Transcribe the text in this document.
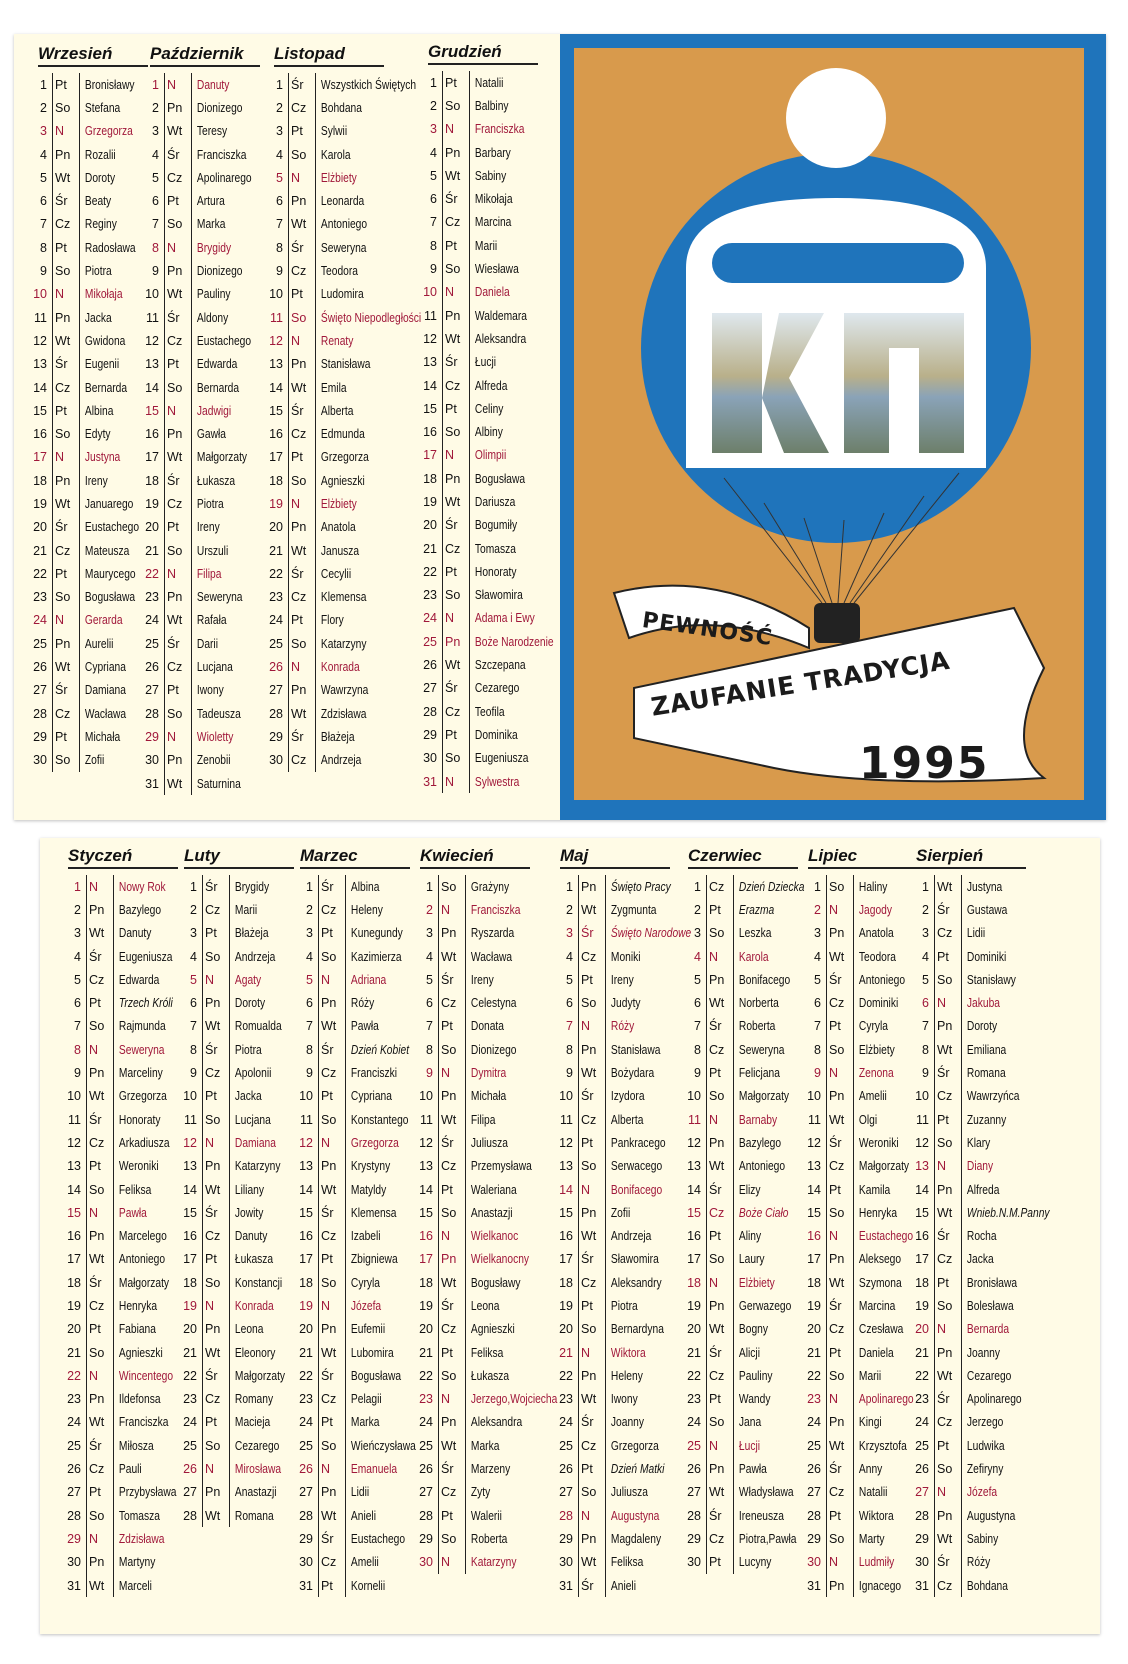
Wrzesień
1 Pt	Bronisławy
2 So	Stefana
3 N	Grzegorza
4 Pn	Rozalii
5 Wt	Doroty
6 Śr	Beaty
7 Cz	Reginy
8 Pt	Radosława
9 So	Piotra
10 N	Mikołaja
11 Pn	Jacka
12 Wt	Gwidona
13 Śr	Eugenii
14 Cz	Bernarda
15 Pt	Albina
16 So	Edyty
17 N	Justyna
18 Pn	Ireny
19 Wt	Januarego
20 Śr	Eustachego
21 Cz	Mateusza
22 Pt	Maurycego
23 So	Bogusława
24 N	Gerarda
25 Pn	Aurelii
26 Wt	Cypriana
27 Śr	Damiana
28 Cz	Wacława
29 Pt	Michała
30 So	Zofii
Październik
1 N	Danuty
2 Pn	Dionizego
3 Wt	Teresy
4 Śr	Franciszka
5 Cz	Apolinarego
6 Pt	Artura
7 So	Marka
8 N	Brygidy
9 Pn	Dionizego
10 Wt	Pauliny
11 Śr	Aldony
12 Cz	Eustachego
13 Pt	Edwarda
14 So	Bernarda
15 N	Jadwigi
16 Pn	Gawła
17 Wt	Małgorzaty
18 Śr	Łukasza
19 Cz	Piotra
20 Pt	Ireny
21 So	Urszuli
22 N	Filipa
23 Pn	Seweryna
24 Wt	Rafała
25 Śr	Darii
26 Cz	Lucjana
27 Pt	Iwony
28 So	Tadeusza
29 N	Wioletty
30 Pn	Zenobii
31 Wt	Saturnina
Listopad
1 Śr	Wszystkich Świętych
2 Cz	Bohdana
3 Pt	Sylwii
4 So	Karola
5 N	Elżbiety
6 Pn	Leonarda
7 Wt	Antoniego
8 Śr	Seweryna
9 Cz	Teodora
10 Pt	Ludomira
11 So	Święto Niepodległości
12 N	Renaty
13 Pn	Stanisława
14 Wt	Emila
15 Śr	Alberta
16 Cz	Edmunda
17 Pt	Grzegorza
18 So	Agnieszki
19 N	Elżbiety
20 Pn	Anatola
21 Wt	Janusza
22 Śr	Cecylii
23 Cz	Klemensa
24 Pt	Flory
25 So	Katarzyny
26 N	Konrada
27 Pn	Wawrzyna
28 Wt	Zdzisława
29 Śr	Błażeja
30 Cz	Andrzeja
Grudzień
1 Pt	Natalii
2 So	Balbiny
3 N	Franciszka
4 Pn	Barbary
5 Wt	Sabiny
6 Śr	Mikołaja
7 Cz	Marcina
8 Pt	Marii
9 So	Wiesława
10 N	Daniela
11 Pn	Waldemara
12 Wt	Aleksandra
13 Śr	Łucji
14 Cz	Alfreda
15 Pt	Celiny
16 So	Albiny
17 N	Olimpii
18 Pn	Bogusława
19 Wt	Dariusza
20 Śr	Bogumiły
21 Cz	Tomasza
22 Pt	Honoraty
23 So	Sławomira
24 N	Adama i Ewy
25 Pn	Boże Narodzenie
26 Wt	Szczepana
27 Śr	Cezarego
28 Cz	Teofila
29 Pt	Dominika
30 So	Eugeniusza
31 N	Sylwestra
PEWNOŚĆ
ZAUFANIE TRADYCJA
1995
Styczeń
1 N	Nowy Rok
2 Pn	Bazylego
3 Wt	Danuty
4 Śr	Eugeniusza
5 Cz	Edwarda
6 Pt	Trzech Króli
7 So	Rajmunda
8 N	Seweryna
9 Pn	Marceliny
10 Wt	Grzegorza
11 Śr	Honoraty
12 Cz	Arkadiusza
13 Pt	Weroniki
14 So	Feliksa
15 N	Pawła
16 Pn	Marcelego
17 Wt	Antoniego
18 Śr	Małgorzaty
19 Cz	Henryka
20 Pt	Fabiana
21 So	Agnieszki
22 N	Wincentego
23 Pn	Ildefonsa
24 Wt	Franciszka
25 Śr	Miłosza
26 Cz	Pauli
27 Pt	Przybysława
28 So	Tomasza
29 N	Zdzisława
30 Pn	Martyny
31 Wt	Marceli
Luty
1 Śr	Brygidy
2 Cz	Marii
3 Pt	Błażeja
4 So	Andrzeja
5 N	Agaty
6 Pn	Doroty
7 Wt	Romualda
8 Śr	Piotra
9 Cz	Apolonii
10 Pt	Jacka
11 So	Lucjana
12 N	Damiana
13 Pn	Katarzyny
14 Wt	Liliany
15 Śr	Jowity
16 Cz	Danuty
17 Pt	Łukasza
18 So	Konstancji
19 N	Konrada
20 Pn	Leona
21 Wt	Eleonory
22 Śr	Małgorzaty
23 Cz	Romany
24 Pt	Macieja
25 So	Cezarego
26 N	Mirosława
27 Pn	Anastazji
28 Wt	Romana
Marzec
1 Śr	Albina
2 Cz	Heleny
3 Pt	Kunegundy
4 So	Kazimierza
5 N	Adriana
6 Pn	Róży
7 Wt	Pawła
8 Śr	Dzień Kobiet
9 Cz	Franciszki
10 Pt	Cypriana
11 So	Konstantego
12 N	Grzegorza
13 Pn	Krystyny
14 Wt	Matyldy
15 Śr	Klemensa
16 Cz	Izabeli
17 Pt	Zbigniewa
18 So	Cyryla
19 N	Józefa
20 Pn	Eufemii
21 Wt	Lubomira
22 Śr	Bogusława
23 Cz	Pelagii
24 Pt	Marka
25 So	Wieńczysława
26 N	Emanuela
27 Pn	Lidii
28 Wt	Anieli
29 Śr	Eustachego
30 Cz	Amelii
31 Pt	Kornelii
Kwiecień
1 So	Grażyny
2 N	Franciszka
3 Pn	Ryszarda
4 Wt	Wacława
5 Śr	Ireny
6 Cz	Celestyna
7 Pt	Donata
8 So	Dionizego
9 N	Dymitra
10 Pn	Michała
11 Wt	Filipa
12 Śr	Juliusza
13 Cz	Przemysława
14 Pt	Waleriana
15 So	Anastazji
16 N	Wielkanoc
17 Pn	Wielkanocny
18 Wt	Bogusławy
19 Śr	Leona
20 Cz	Agnieszki
21 Pt	Feliksa
22 So	Łukasza
23 N	Jerzego,Wojciecha
24 Pn	Aleksandra
25 Wt	Marka
26 Śr	Marzeny
27 Cz	Zyty
28 Pt	Walerii
29 So	Roberta
30 N	Katarzyny
Maj
1 Pn	Święto Pracy
2 Wt	Zygmunta
3 Śr	Święto Narodowe
4 Cz	Moniki
5 Pt	Ireny
6 So	Judyty
7 N	Róży
8 Pn	Stanisława
9 Wt	Bożydara
10 Śr	Izydora
11 Cz	Alberta
12 Pt	Pankracego
13 So	Serwacego
14 N	Bonifacego
15 Pn	Zofii
16 Wt	Andrzeja
17 Śr	Sławomira
18 Cz	Aleksandry
19 Pt	Piotra
20 So	Bernardyna
21 N	Wiktora
22 Pn	Heleny
23 Wt	Iwony
24 Śr	Joanny
25 Cz	Grzegorza
26 Pt	Dzień Matki
27 So	Juliusza
28 N	Augustyna
29 Pn	Magdaleny
30 Wt	Feliksa
31 Śr	Anieli
Czerwiec
1 Cz	Dzień Dziecka
2 Pt	Erazma
3 So	Leszka
4 N	Karola
5 Pn	Bonifacego
6 Wt	Norberta
7 Śr	Roberta
8 Cz	Seweryna
9 Pt	Felicjana
10 So	Małgorzaty
11 N	Barnaby
12 Pn	Bazylego
13 Wt	Antoniego
14 Śr	Elizy
15 Cz	Boże Ciało
16 Pt	Aliny
17 So	Laury
18 N	Elżbiety
19 Pn	Gerwazego
20 Wt	Bogny
21 Śr	Alicji
22 Cz	Pauliny
23 Pt	Wandy
24 So	Jana
25 N	Łucji
26 Pn	Pawła
27 Wt	Władysława
28 Śr	Ireneusza
29 Cz	Piotra,Pawła
30 Pt	Lucyny
Lipiec
1 So	Haliny
2 N	Jagody
3 Pn	Anatola
4 Wt	Teodora
5 Śr	Antoniego
6 Cz	Dominiki
7 Pt	Cyryla
8 So	Elżbiety
9 N	Zenona
10 Pn	Amelii
11 Wt	Olgi
12 Śr	Weroniki
13 Cz	Małgorzaty
14 Pt	Kamila
15 So	Henryka
16 N	Eustachego
17 Pn	Aleksego
18 Wt	Szymona
19 Śr	Marcina
20 Cz	Czesława
21 Pt	Daniela
22 So	Marii
23 N	Apolinarego
24 Pn	Kingi
25 Wt	Krzysztofa
26 Śr	Anny
27 Cz	Natalii
28 Pt	Wiktora
29 So	Marty
30 N	Ludmiły
31 Pn	Ignacego
Sierpień
1 Wt	Justyna
2 Śr	Gustawa
3 Cz	Lidii
4 Pt	Dominiki
5 So	Stanisławy
6 N	Jakuba
7 Pn	Doroty
8 Wt	Emiliana
9 Śr	Romana
10 Cz	Wawrzyńca
11 Pt	Zuzanny
12 So	Klary
13 N	Diany
14 Pn	Alfreda
15 Wt	Wnieb.N.M.Panny
16 Śr	Rocha
17 Cz	Jacka
18 Pt	Bronisława
19 So	Bolesława
20 N	Bernarda
21 Pn	Joanny
22 Wt	Cezarego
23 Śr	Apolinarego
24 Cz	Jerzego
25 Pt	Ludwika
26 So	Zefiryny
27 N	Józefa
28 Pn	Augustyna
29 Wt	Sabiny
30 Śr	Róży
31 Cz	Bohdana
